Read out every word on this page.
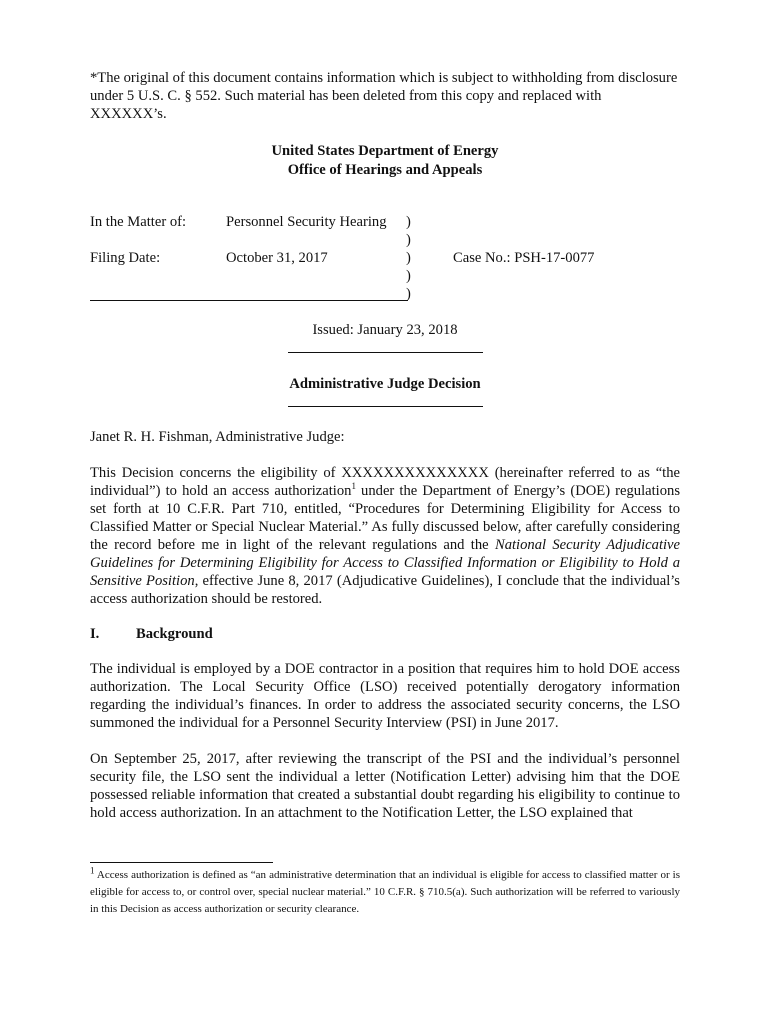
*The original of this document contains information which is subject to withholding from disclosure under 5 U.S. C. § 552. Such material has been deleted from this copy and replaced with XXXXXX’s.
United States Department of Energy
Office of Hearings and Appeals
In the Matter of:	Personnel Security Hearing )
)
Filing Date:	October 31, 2017	)	Case No.: PSH-17-0077
)
)
Issued: January 23, 2018
Administrative Judge Decision
Janet R. H. Fishman, Administrative Judge:
This Decision concerns the eligibility of XXXXXXXXXXXXXX (hereinafter referred to as “the individual”) to hold an access authorization$^1$ under the Department of Energy’s (DOE) regulations set forth at 10 C.F.R. Part 710, entitled, “Procedures for Determining Eligibility for Access to Classified Matter or Special Nuclear Material.” As fully discussed below, after carefully considering the record before me in light of the relevant regulations and the National Security Adjudicative Guidelines for Determining Eligibility for Access to Classified Information or Eligibility to Hold a Sensitive Position, effective June 8, 2017 (Adjudicative Guidelines), I conclude that the individual’s access authorization should be restored.
I.	Background
The individual is employed by a DOE contractor in a position that requires him to hold DOE access authorization. The Local Security Office (LSO) received potentially derogatory information regarding the individual’s finances. In order to address the associated security concerns, the LSO summoned the individual for a Personnel Security Interview (PSI) in June 2017.
On September 25, 2017, after reviewing the transcript of the PSI and the individual’s personnel security file, the LSO sent the individual a letter (Notification Letter) advising him that the DOE possessed reliable information that created a substantial doubt regarding his eligibility to continue to hold access authorization. In an attachment to the Notification Letter, the LSO explained that
$^1$ Access authorization is defined as “an administrative determination that an individual is eligible for access to classified matter or is eligible for access to, or control over, special nuclear material.” 10 C.F.R. § 710.5(a). Such authorization will be referred to variously in this Decision as access authorization or security clearance.
